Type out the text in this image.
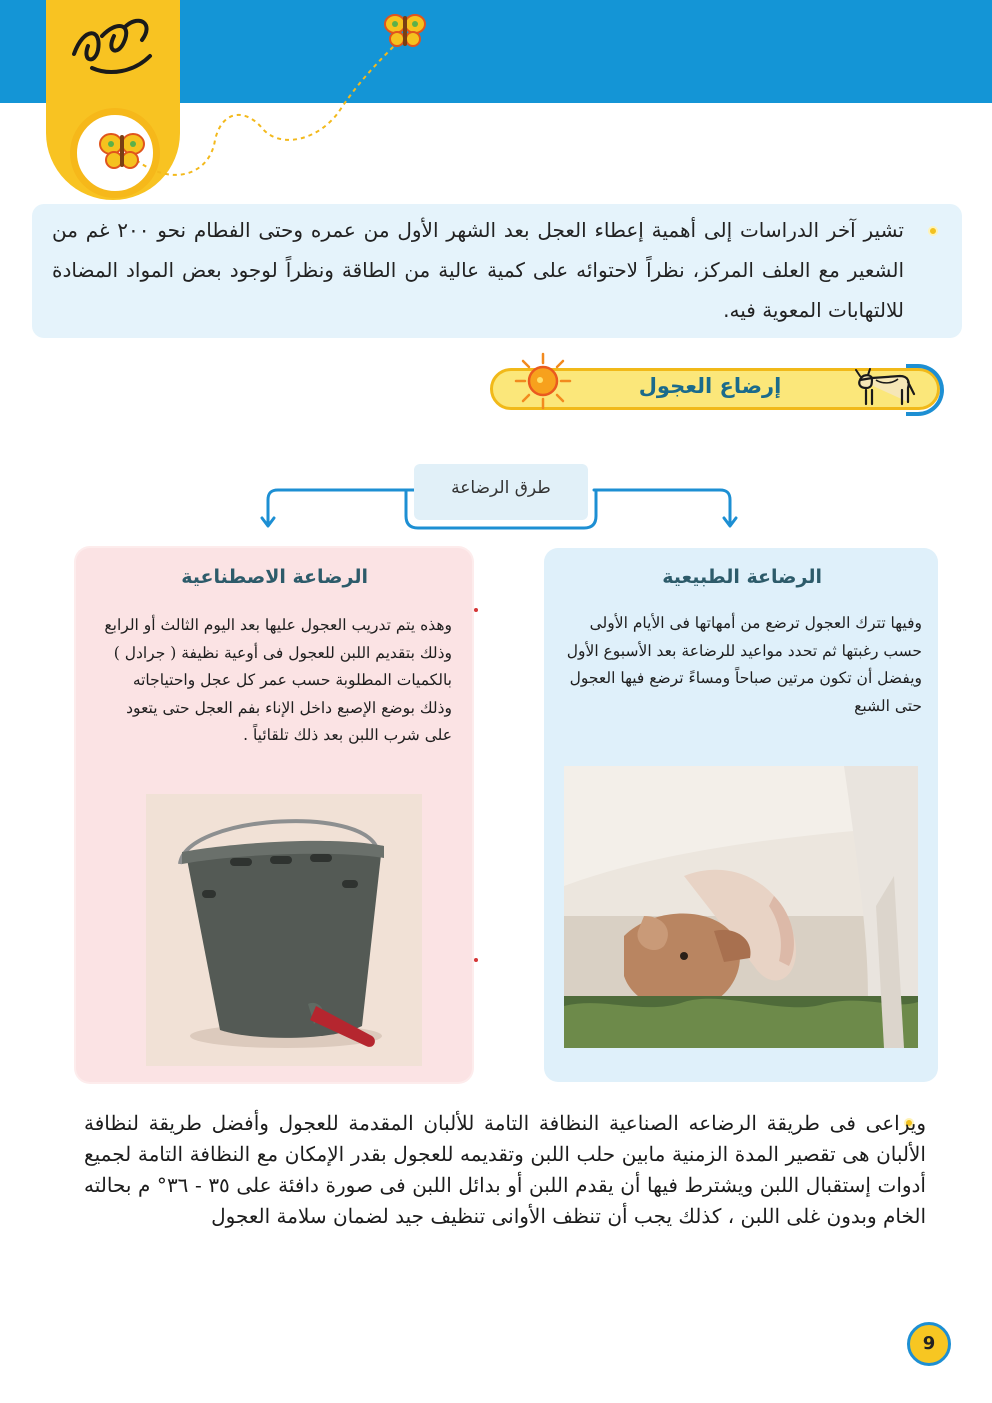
تشير آخر الدراسات إلى أهمية إعطاء العجل بعد الشهر الأول من عمره وحتى الفطام نحو ٢٠٠ غم من الشعير مع العلف المركز، نظراً لاحتوائه على كمية عالية من الطاقة ونظراً لوجود بعض المواد المضادة للالتهابات المعوية فيه.

إرضاع العجول
طرق الرضاعة
الرضاعة الاصطناعية

وهذه يتم تدريب العجول عليها بعد اليوم الثالث أو الرابع وذلك بتقديم اللبن للعجول فى أوعية نظيفة ( جرادل ) بالكميات المطلوبة حسب عمر كل عجل واحتياجاته وذلك بوضع الإصبع داخل الإناء بفم العجل حتى يتعود على شرب اللبن بعد ذلك تلقائياً .

الرضاعة الطبيعية

وفيها تترك العجول ترضع من أمهاتها فى الأيام الأولى حسب رغبتها ثم تحدد مواعيد للرضاعة بعد الأسبوع الأول ويفضل أن تكون مرتين صباحاً ومساءً ترضع فيها العجول حتى الشبع

ويراعى فى طريقة الرضاعه الصناعية النظافة التامة للألبان المقدمة للعجول وأفضل طريقة لنظافة الألبان هى تقصير المدة الزمنية مابين حلب اللبن وتقديمه للعجول بقدر الإمكان مع النظافة التامة لجميع أدوات إستقبال اللبن ويشترط فيها أن يقدم اللبن أو بدائل اللبن فى صورة دافئة على ٣٥ - ٣٦° م بحالته الخام وبدون غلى اللبن ، كذلك يجب أن تنظف الأوانى تنظيف جيد لضمان سلامة العجول

9
